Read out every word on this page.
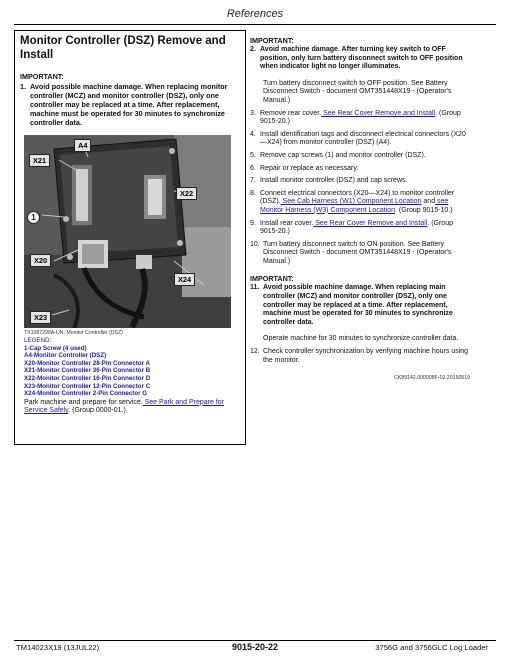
References
Monitor Controller (DSZ) Remove and Install
IMPORTANT:
1. Avoid possible machine damage. When replacing monitor controller (MCZ) and monitor controller (DSZ), only one controller may be replaced at a time. After replacement, machine must be operated for 30 minutes to synchronize controller data.
A4
X21
X22
1
X20
X24
X23
TX1087298A-UN: Monitor Controller (DSZ)
LEGEND:
1-Cap Screw (4 used)
A4-Monitor Controller (DSZ)
X20-Monitor Controller 28-Pin Connector A
X21-Monitor Controller 36-Pin Connector B
X22-Monitor Controller 16-Pin Connector D
X23-Monitor Controller 12-Pin Connector C
X24-Monitor Controller 2-Pin Connector G
Park machine and prepare for service. See Park and Prepare for Service Safely. (Group 0000-01.)
IMPORTANT:
2. Avoid machine damage. After turning key switch to OFF position, only turn battery disconnect switch to OFF position when indicator light no longer illuminates.
Turn battery disconnect switch to OFF position. See Battery Disconnect Switch - document OMT351448X19 - (Operator's Manual.)
3. Remove rear cover. See Rear Cover Remove and Install. (Group 9015-20.)
4. Install identification tags and disconnect electrical connectors (X20—X24) from monitor controller (DSZ) (A4).
5. Remove cap screws (1) and monitor controller (DSZ).
6. Repair or replace as necessary.
7. Install monitor controller (DSZ) and cap screws.
8. Connect electrical connectors (X20—X24) to monitor controller (DSZ). See Cab Harness (W1) Component Location and see Monitor Harness (W3) Component Location. (Group 9015-10.)
9. Install rear cover. See Rear Cover Remove and Install. (Group 9015-20.)
10. Turn battery disconnect switch to ON position. See Battery Disconnect Switch - document OMT351448X19 - (Operator's Manual.)
IMPORTANT:
11. Avoid possible machine damage. When replacing main controller (MCZ) and monitor controller (DSZ), only one controller may be replaced at a time. After replacement, machine must be operated for 30 minutes to synchronize controller data.
Operate machine for 30 minutes to synchronize controller data.
12. Check controller synchronization by verifying machine hours using the monitor.
CK89142,000008F-19-20150519
TM14023X19 (13JUL22)	9015-20-22	3756G and 3756GLC Log Loader
